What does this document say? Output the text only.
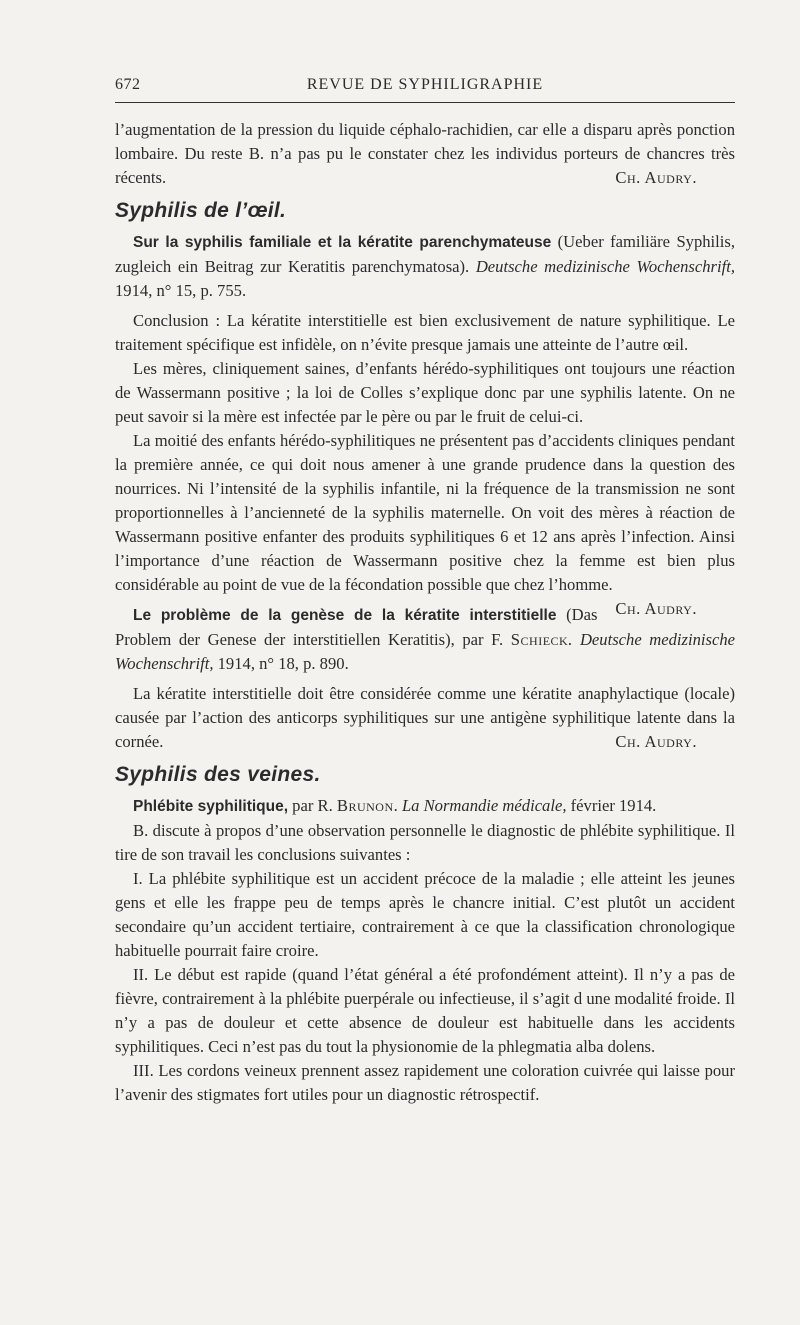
672	REVUE DE SYPHILIGRAPHIE

l’augmentation de la pression du liquide céphalo-rachidien, car elle a disparu après ponction lombaire. Du reste B. n’a pas pu le constater chez les individus porteurs de chancres très récents.	Ch. Audry.

Syphilis de l’œil.

Sur la syphilis familiale et la kératite parenchymateuse (Ueber familiäre Syphilis, zugleich ein Beitrag zur Keratitis parenchymatosa). Deutsche medizinische Wochenschrift, 1914, n° 15, p. 755.

Conclusion : La kératite interstitielle est bien exclusivement de nature syphilitique. Le traitement spécifique est infidèle, on n’évite presque jamais une atteinte de l’autre œil.

Les mères, cliniquement saines, d’enfants hérédo-syphilitiques ont toujours une réaction de Wassermann positive ; la loi de Colles s’explique donc par une syphilis latente. On ne peut savoir si la mère est infectée par le père ou par le fruit de celui-ci.

La moitié des enfants hérédo-syphilitiques ne présentent pas d’accidents cliniques pendant la première année, ce qui doit nous amener à une grande prudence dans la question des nourrices. Ni l’intensité de la syphilis infantile, ni la fréquence de la transmission ne sont proportionnelles à l’ancienneté de la syphilis maternelle. On voit des mères à réaction de Wassermann positive enfanter des produits syphilitiques 6 et 12 ans après l’infection. Ainsi l’importance d’une réaction de Wassermann positive chez la femme est bien plus considérable au point de vue de la fécondation possible que chez l’homme.
Ch. Audry.

Le problème de la genèse de la kératite interstitielle (Das Problem der Genese der interstitiellen Keratitis), par F. Schieck. Deutsche medizinische Wochenschrift, 1914, n° 18, p. 890.

La kératite interstitielle doit être considérée comme une kératite anaphylactique (locale) causée par l’action des anticorps syphilitiques sur une antigène syphilitique latente dans la cornée.	Ch. Audry.

Syphilis des veines.

Phlébite syphilitique, par R. Brunon. La Normandie médicale, février 1914.

B. discute à propos d’une observation personnelle le diagnostic de phlébite syphilitique. Il tire de son travail les conclusions suivantes :

I. La phlébite syphilitique est un accident précoce de la maladie ; elle atteint les jeunes gens et elle les frappe peu de temps après le chancre initial. C’est plutôt un accident secondaire qu’un accident tertiaire, contrairement à ce que la classification chronologique habituelle pourrait faire croire.

II. Le début est rapide (quand l’état général a été profondément atteint). Il n’y a pas de fièvre, contrairement à la phlébite puerpérale ou infectieuse, il s’agit d une modalité froide. Il n’y a pas de douleur et cette absence de douleur est habituelle dans les accidents syphilitiques. Ceci n’est pas du tout la physionomie de la phlegmatia alba dolens.

III. Les cordons veineux prennent assez rapidement une coloration cuivrée qui laisse pour l’avenir des stigmates fort utiles pour un diagnostic rétrospectif.
